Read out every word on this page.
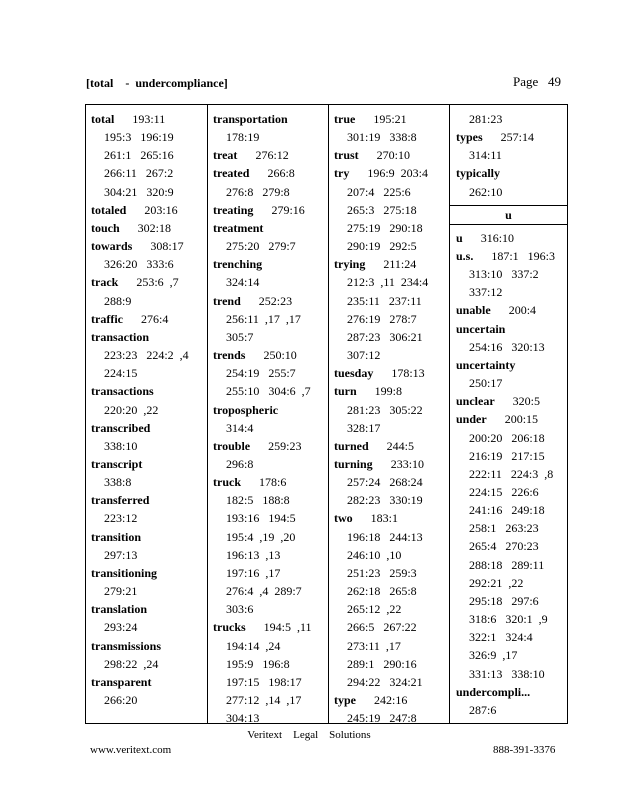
[total    -  undercompliance]	Page   49
total 193:11
195:3   196:19
261:1   265:16
266:11   267:2
304:21   320:9
totaled 203:16
touch 302:18
towards 308:17
326:20   333:6
track 253:6  ,7
288:9
traffic 276:4
transaction
223:23   224:2  ,4
224:15
transactions
220:20  ,22
transcribed
338:10
transcript
338:8
transferred
223:12
transition
297:13
transitioning
279:21
translation
293:24
transmissions
298:22  ,24
transparent
266:20
transportation
178:19
treat 276:12
treated 266:8
276:8   279:8
treating 279:16
treatment
275:20   279:7
trenching
324:14
trend 252:23
256:11  ,17  ,17
305:7
trends 250:10
254:19   255:7
255:10   304:6  ,7
tropospheric
314:4
trouble 259:23
296:8
truck 178:6
182:5   188:8
193:16   194:5
195:4  ,19  ,20
196:13  ,13
197:16  ,17
276:4  ,4  289:7
303:6
trucks 194:5  ,11
194:14  ,24
195:9   196:8
197:15   198:17
277:12  ,14  ,17
304:13
true 195:21
301:19   338:8
trust 270:10
try 196:9  203:4
207:4   225:6
265:3   275:18
275:19   290:18
290:19   292:5
trying 211:24
212:3  ,11  234:4
235:11   237:11
276:19   278:7
287:23   306:21
307:12
tuesday 178:13
turn 199:8
281:23   305:22
328:17
turned 244:5
turning 233:10
257:24   268:24
282:23   330:19
two 183:1
196:18   244:13
246:10  ,10
251:23   259:3
262:18   265:8
265:12  ,22
266:5   267:22
273:11  ,17
289:1   290:16
294:22   324:21
type 242:16
245:19   247:8
281:23
types 257:14
314:11
typically
262:10
u
u 316:10
u.s. 187:1   196:3
313:10   337:2
337:12
unable 200:4
uncertain
254:16   320:13
uncertainty
250:17
unclear 320:5
under 200:15
200:20   206:18
216:19   217:15
222:11   224:3  ,8
224:15   226:6
241:16   249:18
258:1   263:23
265:4   270:23
288:18   289:11
292:21  ,22
295:18   297:6
318:6   320:1  ,9
322:1   324:4
326:9  ,17
331:13   338:10
undercompli...
287:6
Veritext    Legal    Solutions
www.veritext.com	888-391-3376
